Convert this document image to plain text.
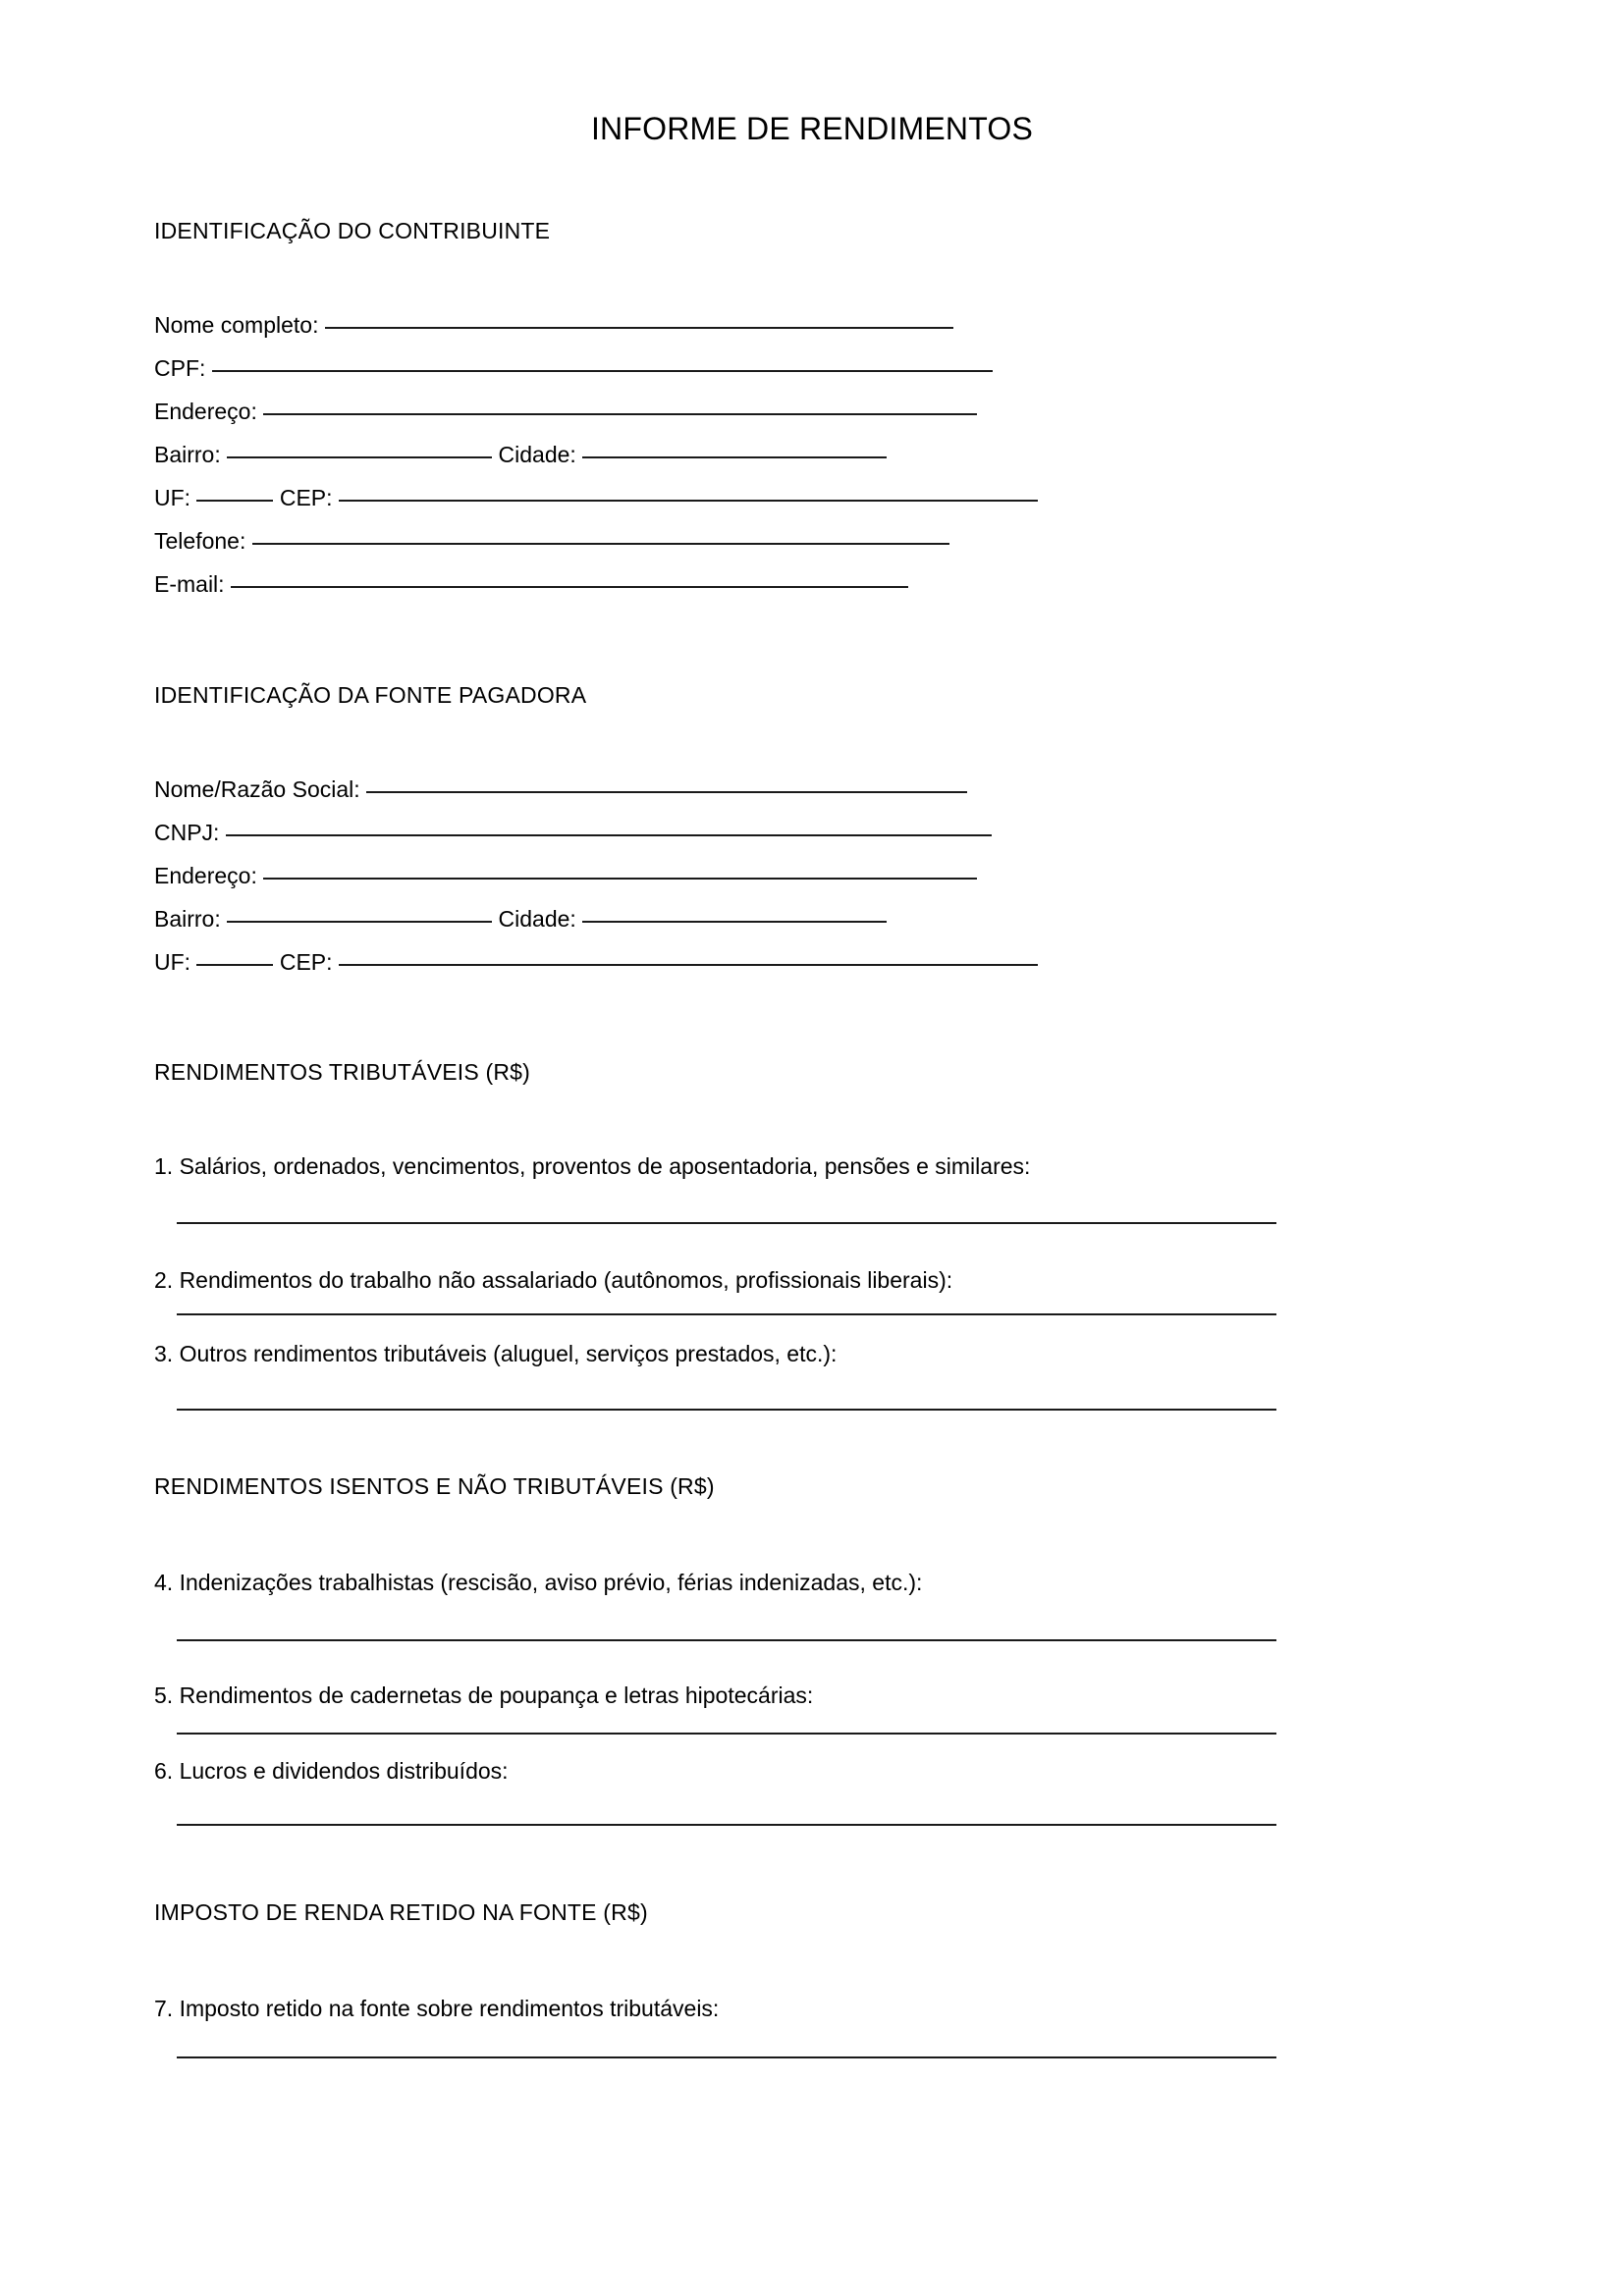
INFORME DE RENDIMENTOS
IDENTIFICAÇÃO DO CONTRIBUINTE
Nome completo:
CPF:
Endereço:
Bairro:	Cidade:
UF:	CEP:
Telefone:
E-mail:
IDENTIFICAÇÃO DA FONTE PAGADORA
Nome/Razão Social:
CNPJ:
Endereço:
Bairro:	Cidade:
UF:	CEP:
RENDIMENTOS TRIBUTÁVEIS (R$)
1. Salários, ordenados, vencimentos, proventos de aposentadoria, pensões e similares:
2. Rendimentos do trabalho não assalariado (autônomos, profissionais liberais):
3. Outros rendimentos tributáveis (aluguel, serviços prestados, etc.):
RENDIMENTOS ISENTOS E NÃO TRIBUTÁVEIS (R$)
4. Indenizações trabalhistas (rescisão, aviso prévio, férias indenizadas, etc.):
5. Rendimentos de cadernetas de poupança e letras hipotecárias:
6. Lucros e dividendos distribuídos:
IMPOSTO DE RENDA RETIDO NA FONTE (R$)
7. Imposto retido na fonte sobre rendimentos tributáveis:
